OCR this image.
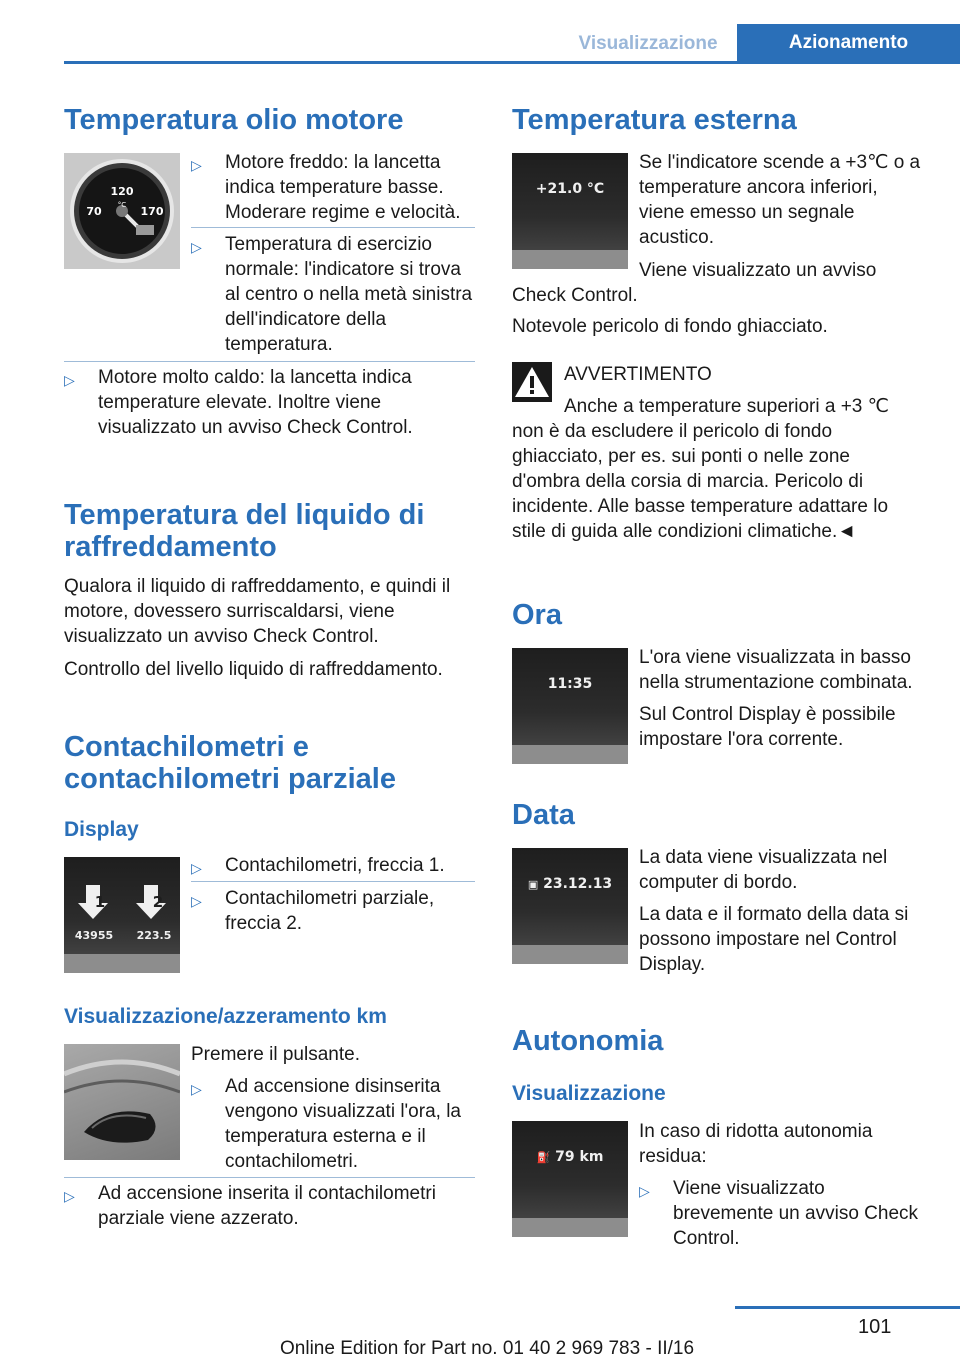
Visualizzazione	Azionamento
Temperatura olio motore
120
°C
70	170
▷ Motore freddo: la lancetta indica temperature basse. Moderare regime e velocità.
▷ Temperatura di esercizio normale: l'indicatore si trova al centro o nella metà sinistra dell'indicatore della temperatura.
▷ Motore molto caldo: la lancetta indica temperature elevate. Inoltre viene visualizzato un avviso Check Control.
Temperatura del liquido di raffreddamento
Qualora il liquido di raffreddamento, e quindi il motore, dovessero surriscaldarsi, viene visualizzato un avviso Check Control.
Controllo del livello liquido di raffreddamento.
Contachilometri e contachilometri parziale
Display
1	2
43955 223.5
▷ Contachilometri, freccia 1.
▷ Contachilometri parziale, freccia 2.
Visualizzazione/azzeramento km
Premere il pulsante.
▷ Ad accensione disinserita vengono visualizzati l'ora, la temperatura esterna e il contachilometri.
▷ Ad accensione inserita il contachilometri parziale viene azzerato.
Temperatura esterna
+21.0 °C
Se l'indicatore scende a +3℃ o a temperature ancora inferiori, viene emesso un segnale acustico.
Viene visualizzato un avviso Check Control.
Notevole pericolo di fondo ghiacciato.
AVVERTIMENTO
Anche a temperature superiori a +3 ℃ non è da escludere il pericolo di fondo ghiacciato, per es. sui ponti o nelle zone d'ombra della corsia di marcia. Pericolo di incidente. Alle basse temperature adattare lo stile di guida alle condizioni climatiche.◄
Ora
11:35
L'ora viene visualizzata in basso nella strumentazione combinata.
Sul Control Display è possibile impostare l'ora corrente.
Data
▣ 23.12.13
La data viene visualizzata nel computer di bordo.
La data e il formato della data si possono impostare nel Control Display.
Autonomia
Visualizzazione
⛽ 79 km
In caso di ridotta autonomia residua:
▷ Viene visualizzato brevemente un avviso Check Control.
101
Online Edition for Part no. 01 40 2 969 783 - II/16
